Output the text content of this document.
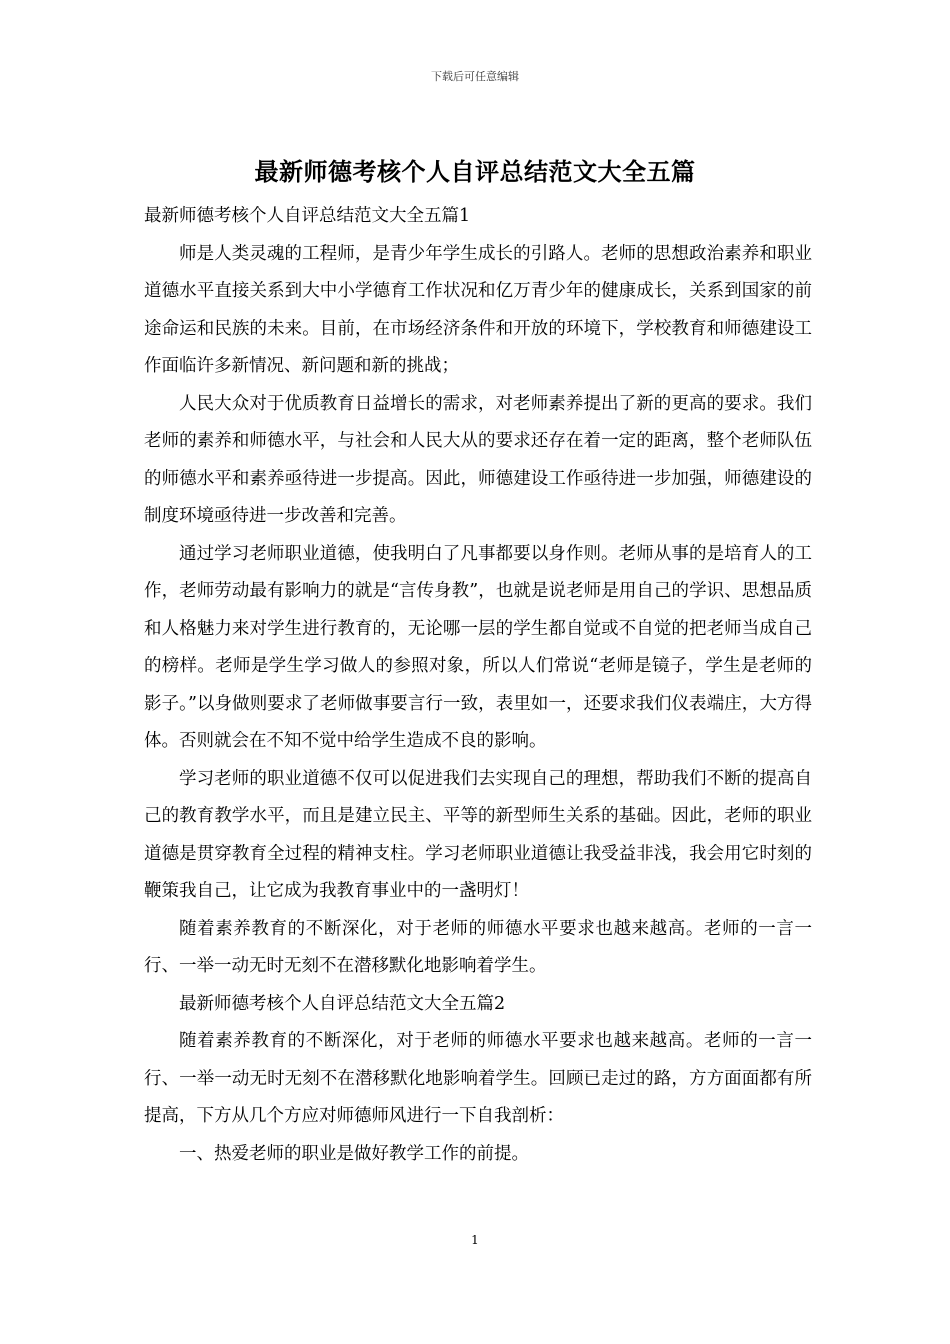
下载后可任意编辑
最新师德考核个人自评总结范文大全五篇

最新师德考核个人自评总结范文大全五篇1

师是人类灵魂的工程师，是青少年学生成长的引路人。老师的思想政治素养和职业道德水平直接关系到大中小学德育工作状况和亿万青少年的健康成长，关系到国家的前途命运和民族的未来。目前，在市场经济条件和开放的环境下，学校教育和师德建设工作面临许多新情况、新问题和新的挑战；

人民大众对于优质教育日益增长的需求，对老师素养提出了新的更高的要求。我们老师的素养和师德水平，与社会和人民大从的要求还存在着一定的距离，整个老师队伍的师德水平和素养亟待进一步提高。因此，师德建设工作亟待进一步加强，师德建设的制度环境亟待进一步改善和完善。

通过学习老师职业道德，使我明白了凡事都要以身作则。老师从事的是培育人的工作，老师劳动最有影响力的就是“言传身教”，也就是说老师是用自己的学识、思想品质和人格魅力来对学生进行教育的，无论哪一层的学生都自觉或不自觉的把老师当成自己的榜样。老师是学生学习做人的参照对象，所以人们常说“老师是镜子，学生是老师的影子。”以身做则要求了老师做事要言行一致，表里如一，还要求我们仪表端庄，大方得体。否则就会在不知不觉中给学生造成不良的影响。

学习老师的职业道德不仅可以促进我们去实现自己的理想，帮助我们不断的提高自己的教育教学水平，而且是建立民主、平等的新型师生关系的基础。因此，老师的职业道德是贯穿教育全过程的精神支柱。学习老师职业道德让我受益非浅，我会用它时刻的鞭策我自己，让它成为我教育事业中的一盏明灯！

随着素养教育的不断深化，对于老师的师德水平要求也越来越高。老师的一言一行、一举一动无时无刻不在潜移默化地影响着学生。

最新师德考核个人自评总结范文大全五篇2

随着素养教育的不断深化，对于老师的师德水平要求也越来越高。老师的一言一行、一举一动无时无刻不在潜移默化地影响着学生。回顾已走过的路，方方面面都有所提高，下方从几个方应对师德师风进行一下自我剖析：

一、热爱老师的职业是做好教学工作的前提。

1
